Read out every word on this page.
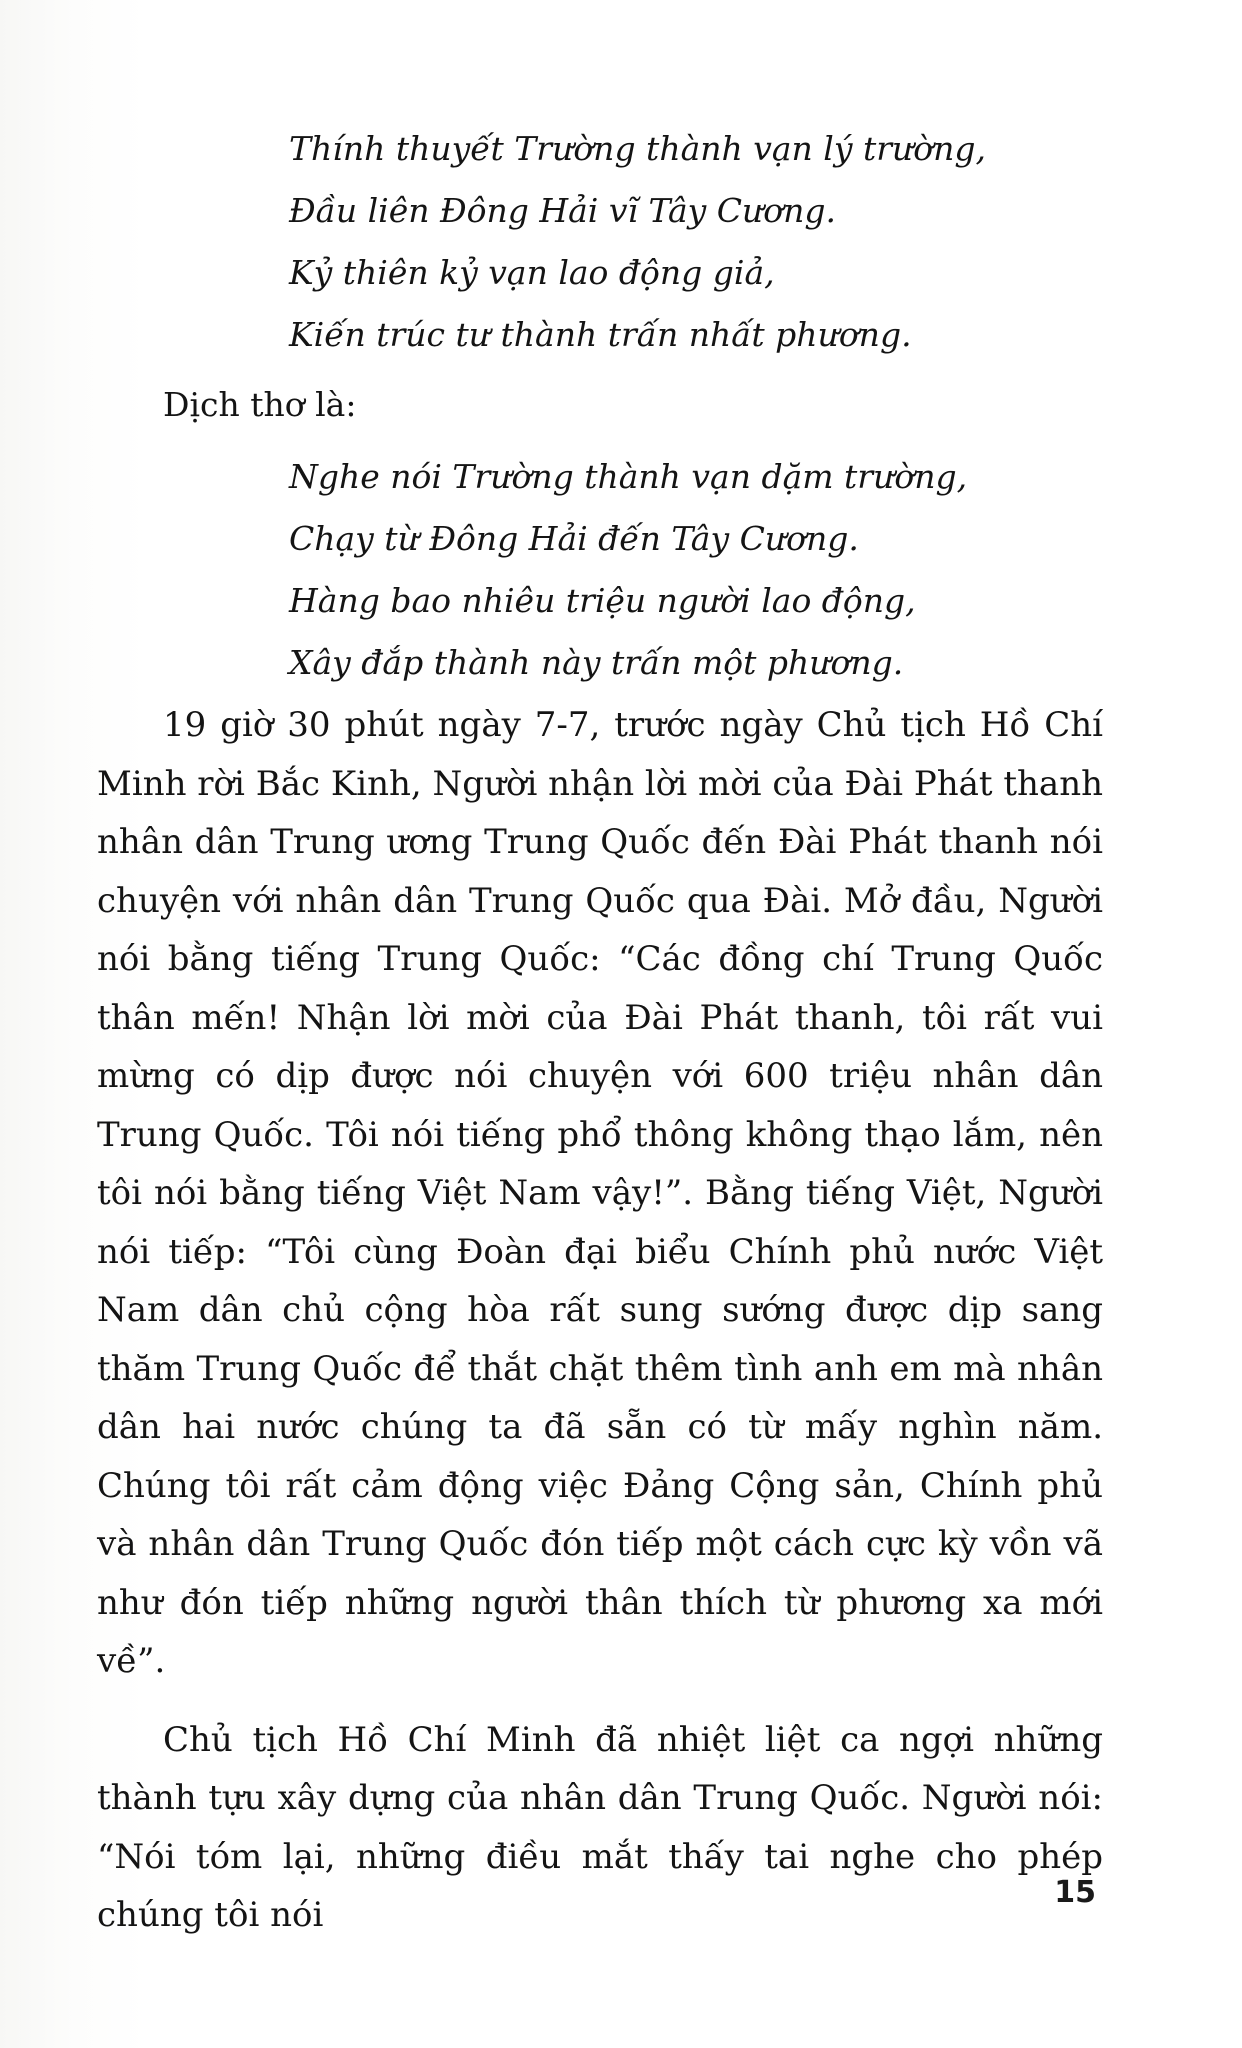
Thính thuyết Trường thành vạn lý trường,
Đầu liên Đông Hải vĩ Tây Cương.
Kỷ thiên kỷ vạn lao động giả,
Kiến trúc tư thành trấn nhất phương.

Dịch thơ là:

Nghe nói Trường thành vạn dặm trường,
Chạy từ Đông Hải đến Tây Cương.
Hàng bao nhiêu triệu người lao động,
Xây đắp thành này trấn một phương.

19 giờ 30 phút ngày 7-7, trước ngày Chủ tịch Hồ Chí Minh rời Bắc Kinh, Người nhận lời mời của Đài Phát thanh nhân dân Trung ương Trung Quốc đến Đài Phát thanh nói chuyện với nhân dân Trung Quốc qua Đài. Mở đầu, Người nói bằng tiếng Trung Quốc: “Các đồng chí Trung Quốc thân mến! Nhận lời mời của Đài Phát thanh, tôi rất vui mừng có dịp được nói chuyện với 600 triệu nhân dân Trung Quốc. Tôi nói tiếng phổ thông không thạo lắm, nên tôi nói bằng tiếng Việt Nam vậy!”. Bằng tiếng Việt, Người nói tiếp: “Tôi cùng Đoàn đại biểu Chính phủ nước Việt Nam dân chủ cộng hòa rất sung sướng được dịp sang thăm Trung Quốc để thắt chặt thêm tình anh em mà nhân dân hai nước chúng ta đã sẵn có từ mấy nghìn năm. Chúng tôi rất cảm động việc Đảng Cộng sản, Chính phủ và nhân dân Trung Quốc đón tiếp một cách cực kỳ vồn vã như đón tiếp những người thân thích từ phương xa mới về”.

Chủ tịch Hồ Chí Minh đã nhiệt liệt ca ngợi những thành tựu xây dựng của nhân dân Trung Quốc. Người nói: “Nói tóm lại, những điều mắt thấy tai nghe cho phép chúng tôi nói

15
